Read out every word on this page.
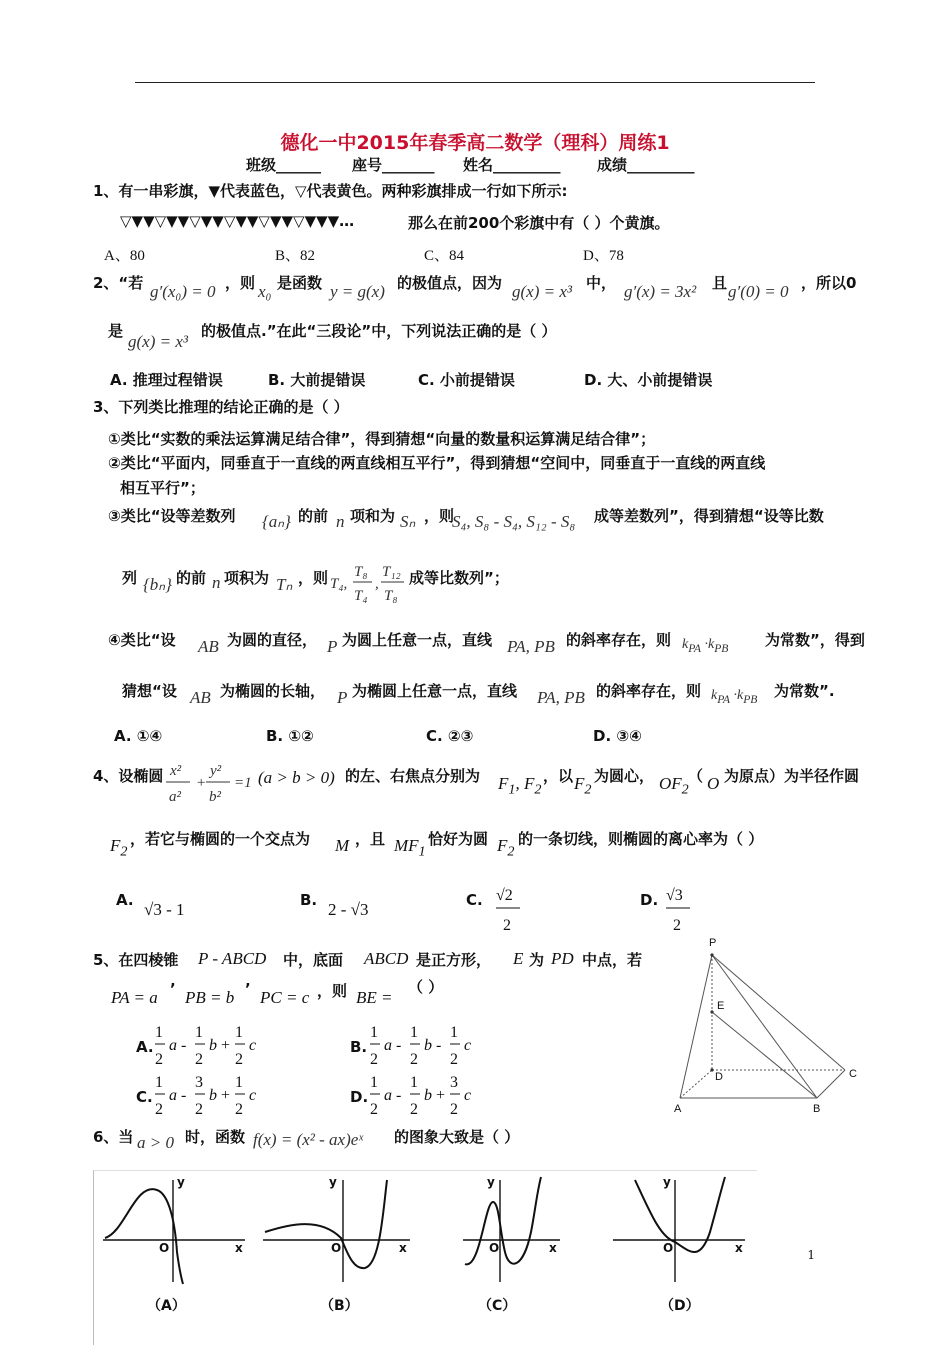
德化一中2015年春季高二数学（理科）周练1
班级______ 座号_______ 姓名_________ 成绩_________
1、有一串彩旗，▼代表蓝色，▽代表黄色。两种彩旗排成一行如下所示:
▽▼▼▽▼▼▽▼▼▽▼▼▽▼▼▽▼▼▼…	那么在前200个彩旗中有（ ）个黄旗。
A、80	B、82	C、84	D、78
2、“若 g′(x₀) = 0 ，则 x₀ 是函数 y = g(x) 的极值点，因为 g(x) = x³ 中， g′(x) = 3x² 且 g′(0) = 0 ，所以0
是
g(x) = x³
的极值点.”在此“三段论”中，下列说法正确的是（ ）
A. 推理过程错误	B. 大前提错误	C. 小前提错误	D. 大、小前提错误
3、下列类比推理的结论正确的是（ ）
①类比“实数的乘法运算满足结合律”，得到猜想“向量的数量积运算满足结合律”；
②类比“平面内，同垂直于一直线的两直线相互平行”，得到猜想“空间中，同垂直于一直线的两直线
相互平行”；
③类比“设等差数列 {aₙ} 的前 n 项和为 Sₙ ，则
S₄, S₈ - S₄, S₁₂ - S₈ 成等差数列”，得到猜想“设等比数
列 {bₙ} 的前 n 项积为 Tₙ ，则 T₄,
T₈
T₄
,
T₁₂
T₈
成等比数列”；
④类比“设 AB 为圆的直径， P 为圆上任意一点，直线 PA, PB 的斜率存在，则 $k_{PA} \cdot k_{PB}$ 为常数”，得到
猜想“设 AB 为椭圆的长轴， P 为椭圆上任意一点，直线 PA, PB 的斜率存在，则 $k_{PA} \cdot k_{PB}$ 为常数”.
A. ①④	B. ①②	C. ②③	D. ③④
4、设椭圆 x²
a²
+
y²
b²
=1 (a > b > 0) 的左、右焦点分别为 $F_1$, $F_2$
，以 $F_2$
为圆心， $OF_2$
（ O 为原点）为半径作圆
$F_2$
，若它与椭圆的一个交点为 M ，且 $MF_1$
恰好为圆 $F_2$
的一条切线，则椭圆的离心率为（ ）
A. √3 - 1	B. 2 - √3	C. √2
2
D. √3
2
5、在四棱锥 P - ABCD 中，底面 ABCD 是正方形， E 为 PD 中点，若
PA = a ’ PB = b ’ PC = c ，则 BE =
（ ）
A.
1
2
a -
1
2
b +
1
2
c	B.
1
2
a -
1
2
b -
1
2
c
C.
1
2
a -
3
2
b +
1
2
c	D.
1
2
a -
1
2
b +
3
2
c
P
E
D	C
A	B
6、当 a > 0 时，函数 f(x) = (x² - ax)eˣ 的图象大致是（ ）
y
O	x
y
O	x
y
O	x
y
O	x
（A）	（B）	（C）	（D）
1
